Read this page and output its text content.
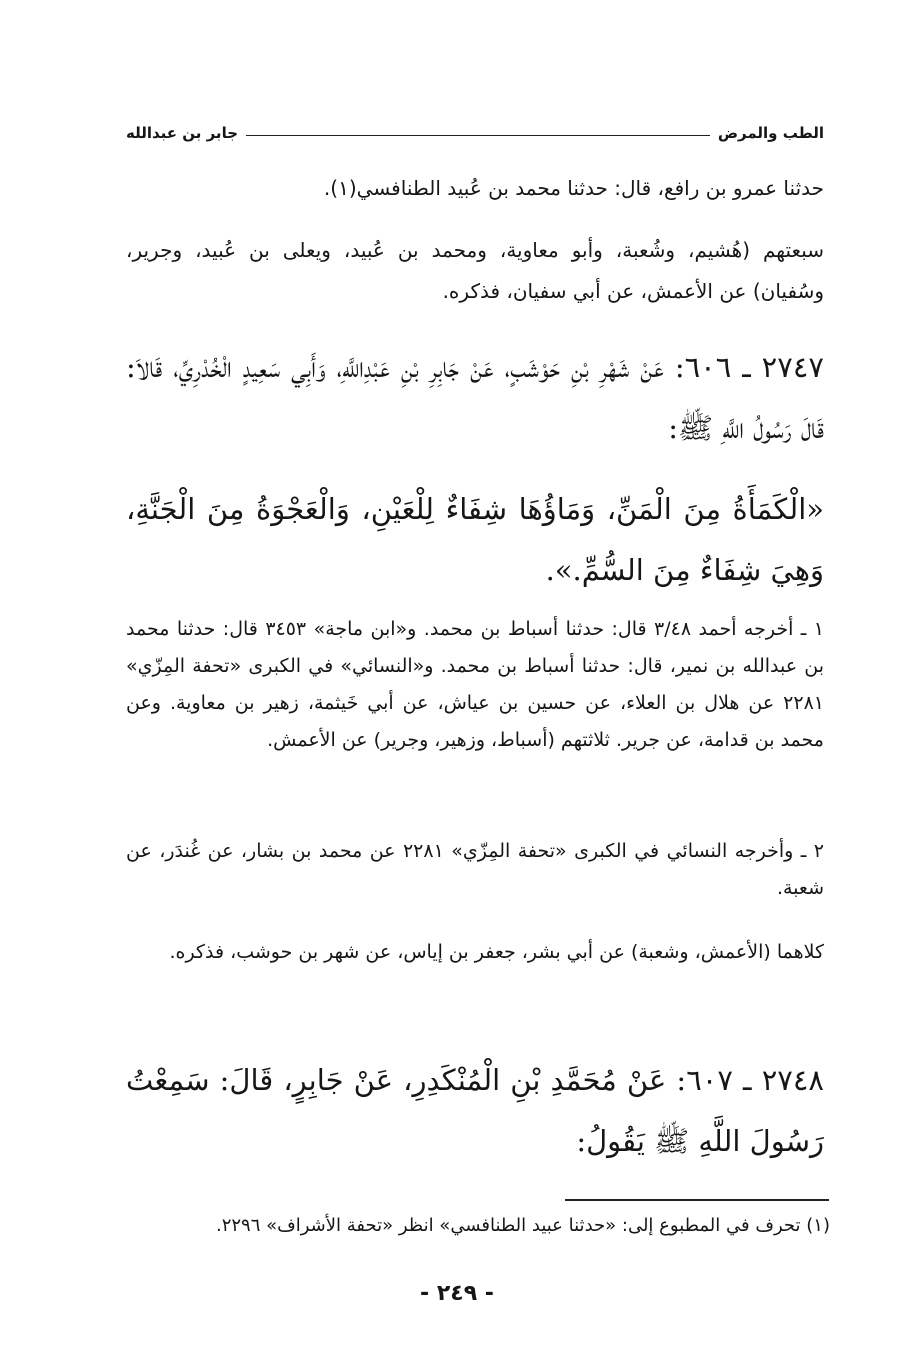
الطب والمرض
جابر بن عبدالله

حدثنا عمرو بن رافع، قال: حدثنا محمد بن عُبيد الطنافسي(١).

سبعتهم (هُشيم، وشُعبة، وأبو معاوية، ومحمد بن عُبيد، ويعلى بن عُبيد، وجرير، وسُفيان) عن الأعمش، عن أبي سفيان، فذكره.

٢٧٤٧ ـ ٦٠٦: عَنْ شَهْرِ بْنِ حَوْشَبٍ، عَنْ جَابِرِ بْنِ عَبْدِاللَّهِ، وَأَبِي سَعِيدٍ الْخُدْرِيِّ، قَالاَ: قَالَ رَسُولُ اللَّهِ ﷺ:

«الْكَمَأَةُ مِنَ الْمَنِّ، وَمَاؤُهَا شِفَاءٌ لِلْعَيْنِ، وَالْعَجْوَةُ مِنَ الْجَنَّةِ، وَهِيَ شِفَاءٌ مِنَ السُّمِّ.».

١ ـ أخرجه أحمد ٣/٤٨ قال: حدثنا أسباط بن محمد. و«ابن ماجة» ٣٤٥٣ قال: حدثنا محمد بن عبدالله بن نمير، قال: حدثنا أسباط بن محمد. و«النسائي» في الكبرى «تحفة المِزّي» ٢٢٨١ عن هلال بن العلاء، عن حسين بن عياش، عن أبي خَيثمة، زهير بن معاوية. وعن محمد بن قدامة، عن جرير. ثلاثتهم (أسباط، وزهير، وجرير) عن الأعمش.

٢ ـ وأخرجه النسائي في الكبرى «تحفة المِزّي» ٢٢٨١ عن محمد بن بشار، عن غُندَر، عن شعبة.

كلاهما (الأعمش، وشعبة) عن أبي بشر، جعفر بن إياس، عن شهر بن حوشب، فذكره.

٢٧٤٨ ـ ٦٠٧: عَنْ مُحَمَّدِ بْنِ الْمُنْكَدِرِ، عَنْ جَابِرٍ، قَالَ: سَمِعْتُ رَسُولَ اللَّهِ ﷺ يَقُولُ:

(١) تحرف في المطبوع إلى: «حدثنا عبيد الطنافسي» انظر «تحفة الأشراف» ٢٢٩٦.

- ٢٤٩ -
